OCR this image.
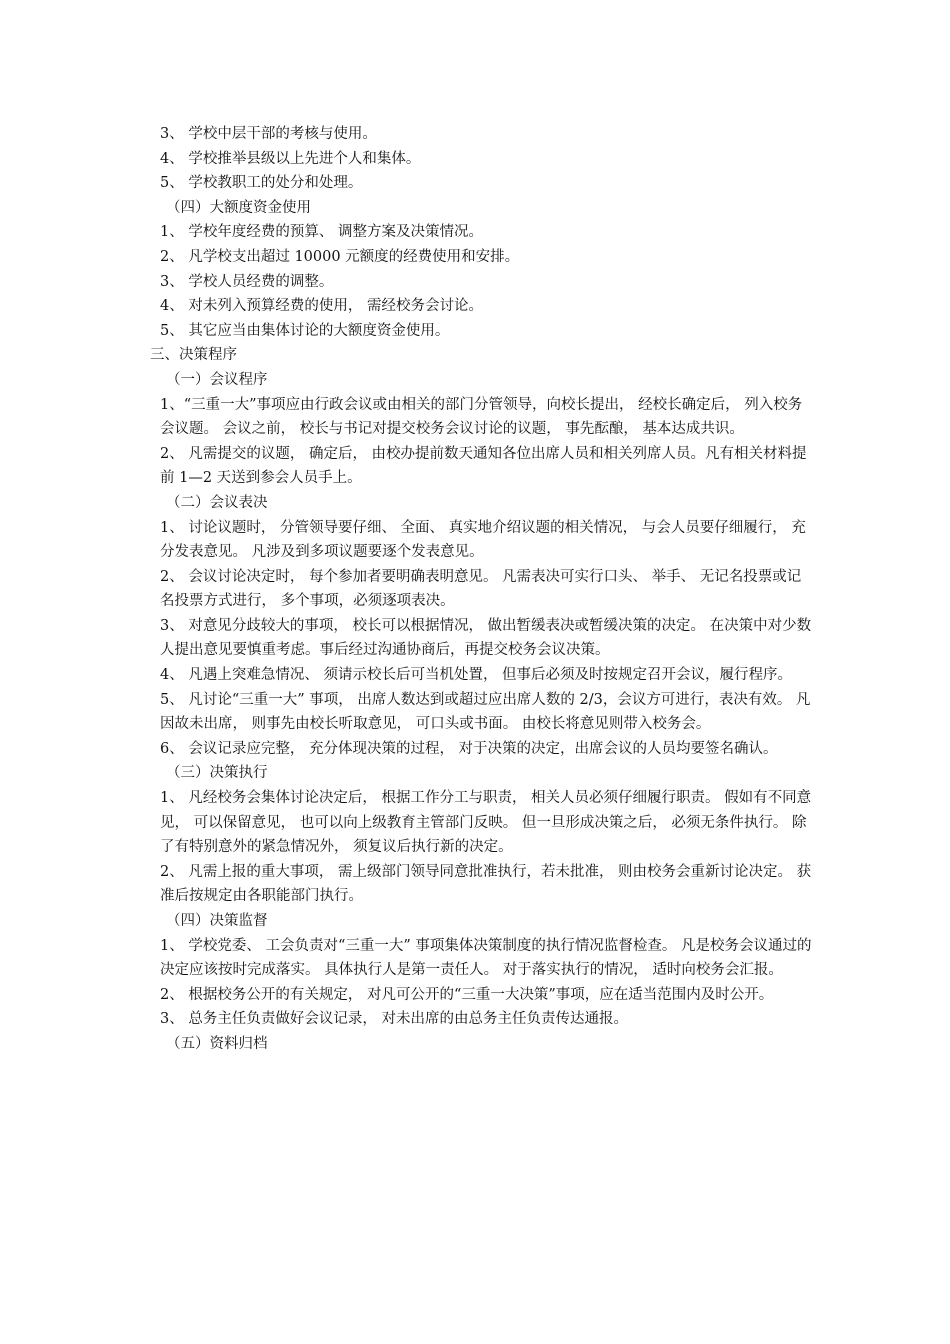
3、 学校中层干部的考核与使用。

4、 学校推举县级以上先进个人和集体。

5、 学校教职工的处分和处理。

（四）大额度资金使用

1、 学校年度经费的预算、 调整方案及决策情况。

2、 凡学校支出超过 10000 元额度的经费使用和安排。

3、 学校人员经费的调整。

4、 对未列入预算经费的使用， 需经校务会讨论。

5、 其它应当由集体讨论的大额度资金使用。

三、决策程序

（一）会议程序

1、“三重一大”事项应由行政会议或由相关的部门分管领导，向校长提出， 经校长确定后， 列入校务会议题。 会议之前， 校长与书记对提交校务会议讨论的议题， 事先酝酿， 基本达成共识。

2、 凡需提交的议题， 确定后， 由校办提前数天通知各位出席人员和相关列席人员。凡有相关材料提前 1—2 天送到参会人员手上。

（二）会议表决

1、 讨论议题时， 分管领导要仔细、 全面、 真实地介绍议题的相关情况， 与会人员要仔细履行， 充分发表意见。 凡涉及到多项议题要逐个发表意见。

2、 会议讨论决定时， 每个参加者要明确表明意见。 凡需表决可实行口头、 举手、 无记名投票或记名投票方式进行， 多个事项，必须逐项表决。

3、 对意见分歧较大的事项， 校长可以根据情况， 做出暂缓表决或暂缓决策的决定。 在决策中对少数人提出意见要慎重考虑。事后经过沟通协商后，再提交校务会议决策。

4、 凡遇上突难急情况、 须请示校长后可当机处置， 但事后必须及时按规定召开会议，履行程序。

5、 凡讨论“三重一大” 事项， 出席人数达到或超过应出席人数的 2/3，会议方可进行，表决有效。 凡因故未出席， 则事先由校长听取意见， 可口头或书面。 由校长将意见则带入校务会。

6、 会议记录应完整， 充分体现决策的过程， 对于决策的决定，出席会议的人员均要签名确认。

（三）决策执行

1、 凡经校务会集体讨论决定后， 根据工作分工与职责， 相关人员必须仔细履行职责。 假如有不同意见， 可以保留意见， 也可以向上级教育主管部门反映。 但一旦形成决策之后， 必须无条件执行。 除了有特别意外的紧急情况外， 须复议后执行新的决定。

2、 凡需上报的重大事项， 需上级部门领导同意批准执行，若未批准， 则由校务会重新讨论决定。 获准后按规定由各职能部门执行。

（四）决策监督

1、 学校党委、 工会负责对“三重一大” 事项集体决策制度的执行情况监督检查。 凡是校务会议通过的决定应该按时完成落实。 具体执行人是第一责任人。 对于落实执行的情况， 适时向校务会汇报。

2、 根据校务公开的有关规定， 对凡可公开的“三重一大决策”事项，应在适当范围内及时公开。

3、 总务主任负责做好会议记录， 对未出席的由总务主任负责传达通报。

（五）资料归档
